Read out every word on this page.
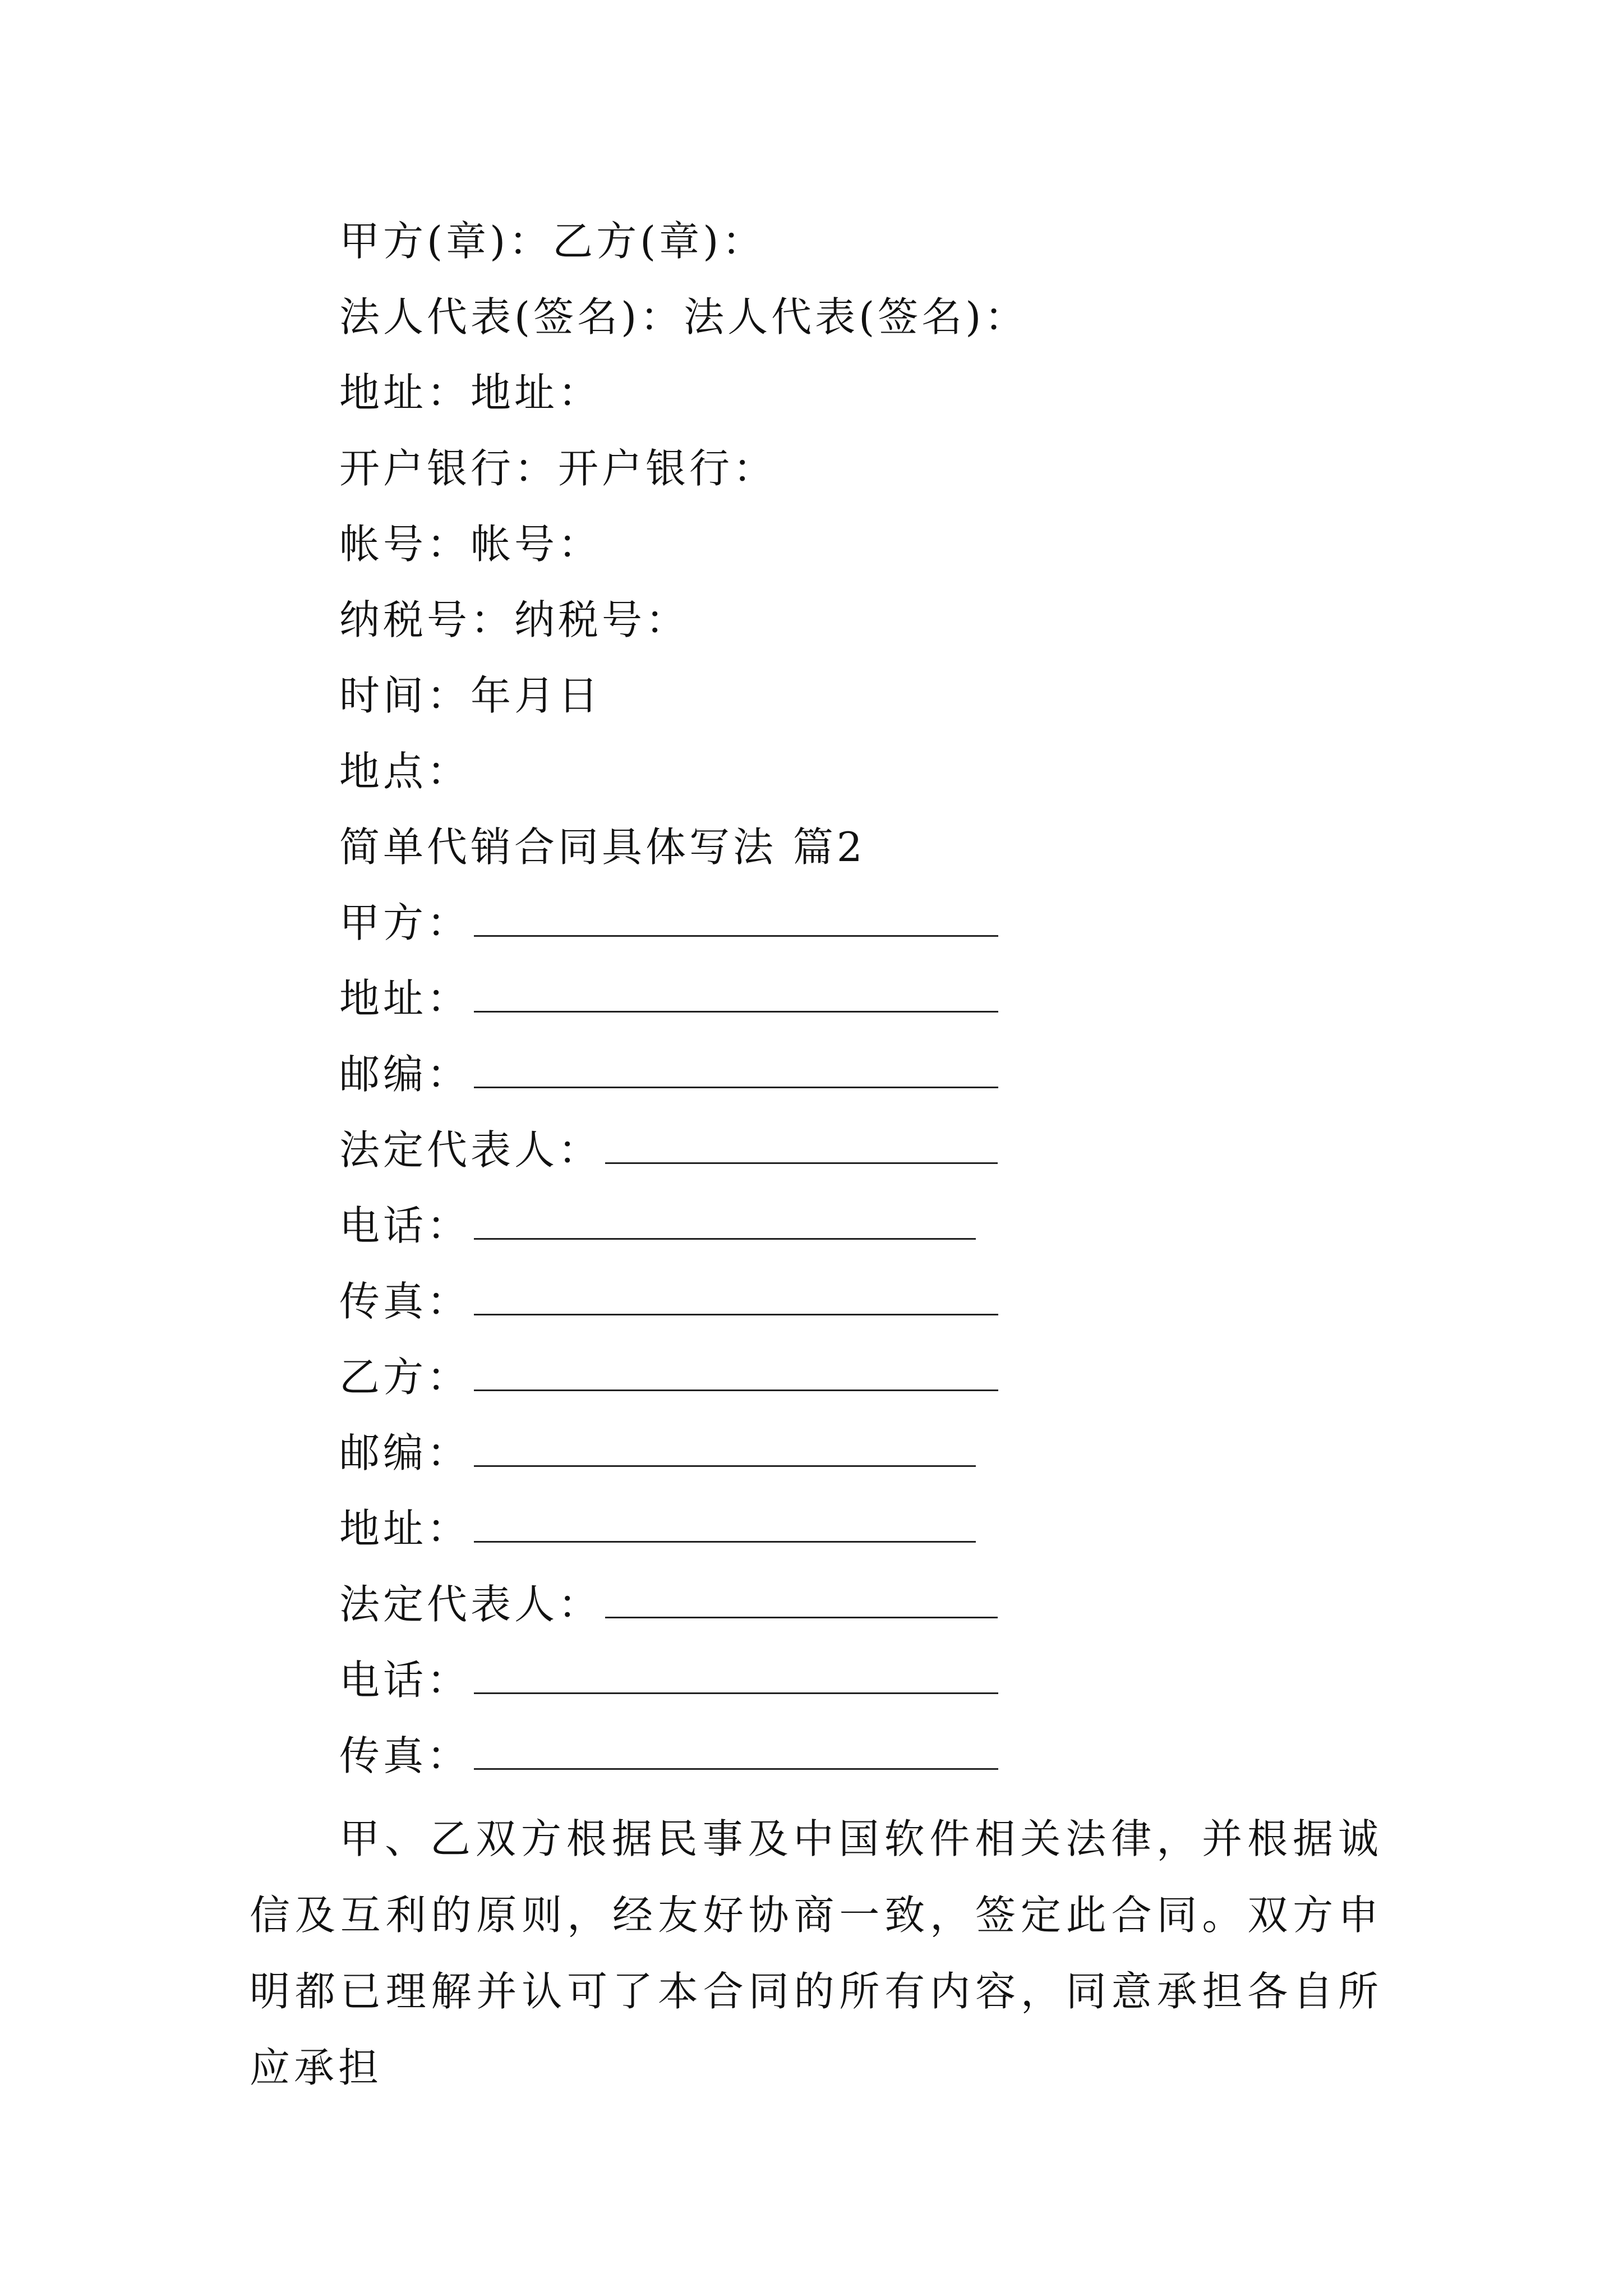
甲方(章)：乙方(章)：
法人代表(签名)：法人代表(签名)：
地址：地址：
开户银行：开户银行：
帐号：帐号：
纳税号：纳税号：
时间：年月日
地点：
简单代销合同具体写法 篇2
甲方：
地址：
邮编：
法定代表人：
电话：
传真：
乙方：
邮编：
地址：
法定代表人：
电话：
传真：
甲、乙双方根据民事及中国软件相关法律，并根据诚信及互利的原则，经友好协商一致，签定此合同。双方申明都已理解并认可了本合同的所有内容，同意承担各自所应承担
